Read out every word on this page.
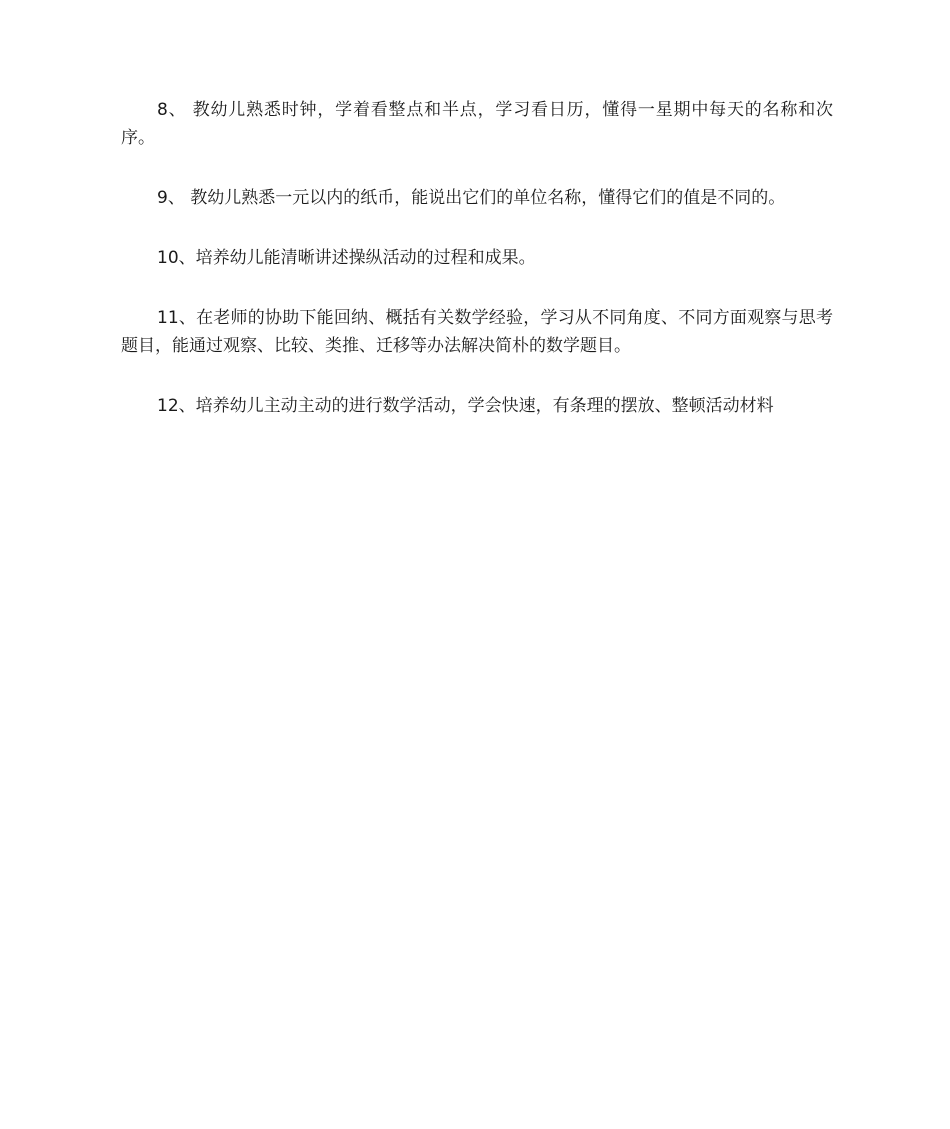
8、 教幼儿熟悉时钟，学着看整点和半点，学习看日历，懂得一星期中每天的名称和次序。

9、 教幼儿熟悉一元以内的纸币，能说出它们的单位名称，懂得它们的值是不同的。

10、培养幼儿能清晰讲述操纵活动的过程和成果。

11、在老师的协助下能回纳、概括有关数学经验，学习从不同角度、不同方面观察与思考题目，能通过观察、比较、类推、迁移等办法解决简朴的数学题目。

12、培养幼儿主动主动的进行数学活动，学会快速，有条理的摆放、整顿活动材料
